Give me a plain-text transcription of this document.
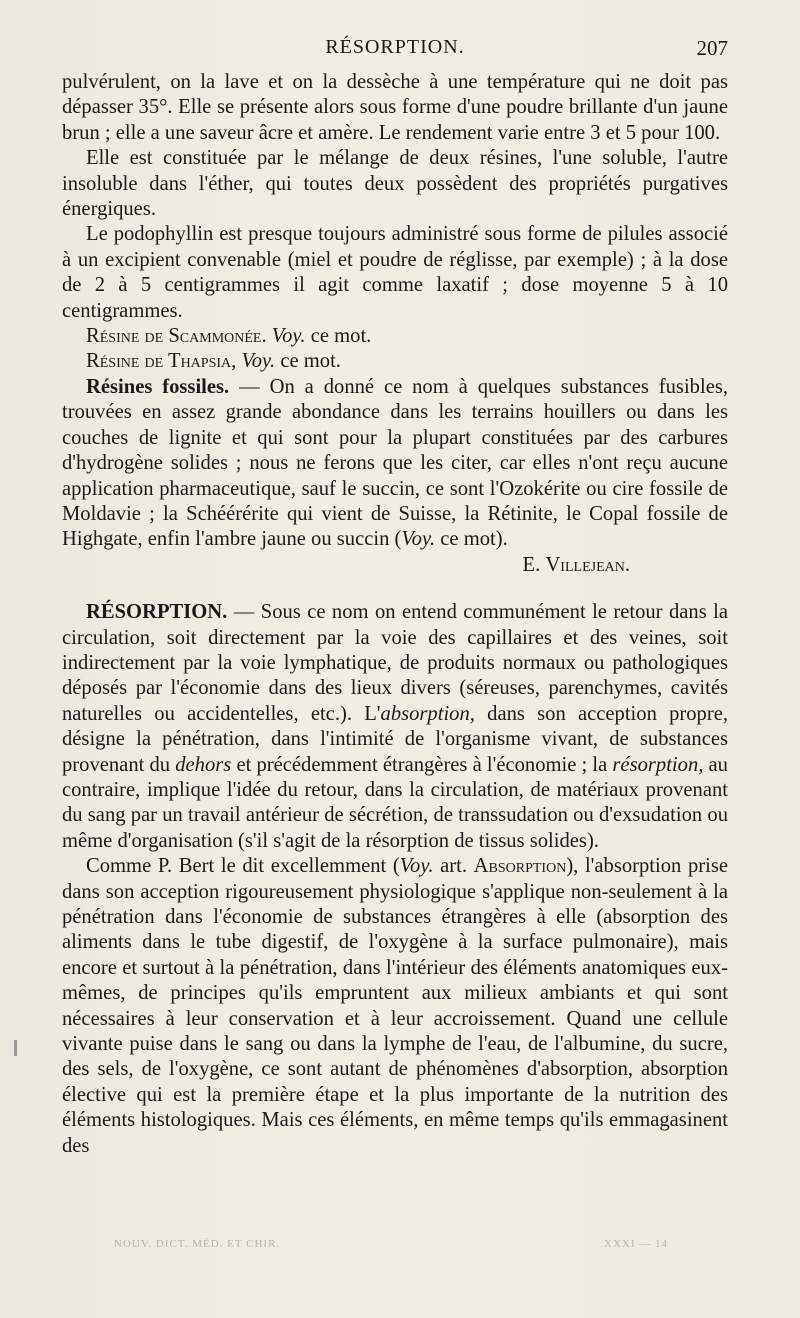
RÉSORPTION.	207

pulvérulent, on la lave et on la dessèche à une température qui ne doit pas dépasser 35°. Elle se présente alors sous forme d'une poudre brillante d'un jaune brun ; elle a une saveur âcre et amère. Le rendement varie entre 3 et 5 pour 100.

Elle est constituée par le mélange de deux résines, l'une soluble, l'autre insoluble dans l'éther, qui toutes deux possèdent des propriétés purgatives énergiques.

Le podophyllin est presque toujours administré sous forme de pilules associé à un excipient convenable (miel et poudre de réglisse, par exemple) ; à la dose de 2 à 5 centigrammes il agit comme laxatif ; dose moyenne 5 à 10 centigrammes.

Résine de Scammonée. Voy. ce mot.

Résine de Thapsia, Voy. ce mot.

Résines fossiles. — On a donné ce nom à quelques substances fusibles, trouvées en assez grande abondance dans les terrains houillers ou dans les couches de lignite et qui sont pour la plupart constituées par des carbures d'hydrogène solides ; nous ne ferons que les citer, car elles n'ont reçu aucune application pharmaceutique, sauf le succin, ce sont l'Ozokérite ou cire fossile de Moldavie ; la Schéérérite qui vient de Suisse, la Rétinite, le Copal fossile de Highgate, enfin l'ambre jaune ou succin (Voy. ce mot).

E. Villejean.

RÉSORPTION. — Sous ce nom on entend communément le retour dans la circulation, soit directement par la voie des capillaires et des veines, soit indirectement par la voie lymphatique, de produits normaux ou pathologiques déposés par l'économie dans des lieux divers (séreuses, parenchymes, cavités naturelles ou accidentelles, etc.). L'absorption, dans son acception propre, désigne la pénétration, dans l'intimité de l'organisme vivant, de substances provenant du dehors et précédemment étrangères à l'économie ; la résorption, au contraire, implique l'idée du retour, dans la circulation, de matériaux provenant du sang par un travail antérieur de sécrétion, de transsudation ou d'exsudation ou même d'organisation (s'il s'agit de la résorption de tissus solides).

Comme P. Bert le dit excellemment (Voy. art. Absorption), l'absorption prise dans son acception rigoureusement physiologique s'applique non-seulement à la pénétration dans l'économie de substances étrangères à elle (absorption des aliments dans le tube digestif, de l'oxygène à la surface pulmonaire), mais encore et surtout à la pénétration, dans l'intérieur des éléments anatomiques eux-mêmes, de principes qu'ils empruntent aux milieux ambiants et qui sont nécessaires à leur conservation et à leur accroissement. Quand une cellule vivante puise dans le sang ou dans la lymphe de l'eau, de l'albumine, du sucre, des sels, de l'oxygène, ce sont autant de phénomènes d'absorption, absorption élective qui est la première étape et la plus importante de la nutrition des éléments histologiques. Mais ces éléments, en même temps qu'ils emmagasinent des

NOUV. DICT. MÉD. ET CHIR.	XXXI — 14
